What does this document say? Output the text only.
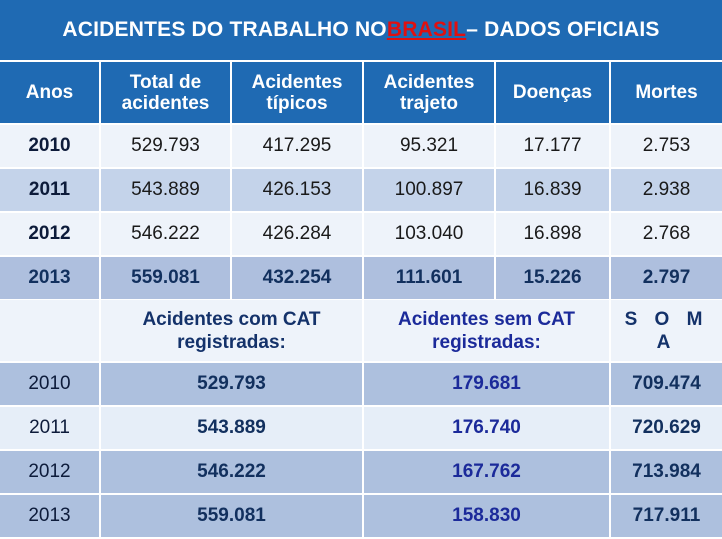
ACIDENTES DO TRABALHO NO BRASIL – DADOS OFICIAIS
Anos	Total de acidentes	Acidentes típicos	Acidentes trajeto	Doenças	Mortes
2010	529.793	417.295	95.321	17.177	2.753
2011	543.889	426.153	100.897	16.839	2.938
2012	546.222	426.284	103.040	16.898	2.768
2013	559.081	432.254	111.601	15.226	2.797
	Acidentes com CAT registradas:	Acidentes sem CAT registradas:	S O M A
2010	529.793	179.681	709.474
2011	543.889	176.740	720.629
2012	546.222	167.762	713.984
2013	559.081	158.830	717.911
